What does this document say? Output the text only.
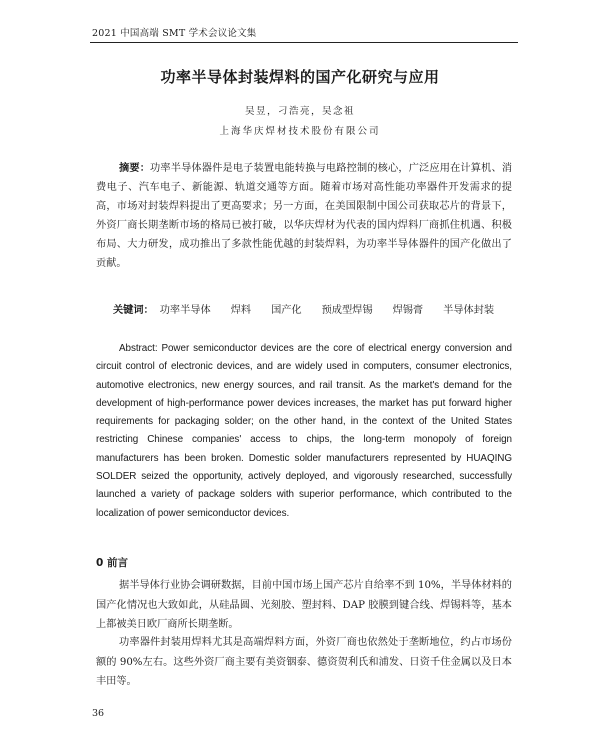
2021 中国高端 SMT 学术会议论文集
功率半导体封装焊料的国产化研究与应用
吴昱，刁浩亮，吴念祖
上海华庆焊材技术股份有限公司
摘要：功率半导体器件是电子装置电能转换与电路控制的核心，广泛应用在计算机、消费电子、汽车电子、新能源、轨道交通等方面。随着市场对高性能功率器件开发需求的提高，市场对封装焊料提出了更高要求；另一方面，在美国限制中国公司获取芯片的背景下，外资厂商长期垄断市场的格局已被打破，以华庆焊材为代表的国内焊料厂商抓住机遇、积极布局、大力研发，成功推出了多款性能优越的封装焊料，为功率半导体器件的国产化做出了贡献。
关键词： 功率半导体 焊料 国产化 预成型焊锡 焊锡膏 半导体封装
Abstract: Power semiconductor devices are the core of electrical energy conversion and circuit control of electronic devices, and are widely used in computers, consumer electronics, automotive electronics, new energy sources, and rail transit. As the market's demand for the development of high-performance power devices increases, the market has put forward higher requirements for packaging solder; on the other hand, in the context of the United States restricting Chinese companies' access to chips, the long-term monopoly of foreign manufacturers has been broken. Domestic solder manufacturers represented by HUAQING SOLDER seized the opportunity, actively deployed, and vigorously researched, successfully launched a variety of package solders with superior performance, which contributed to the localization of power semiconductor devices.
0 前言
据半导体行业协会调研数据，目前中国市场上国产芯片自给率不到 10%，半导体材料的国产化情况也大致如此，从硅晶圆、光刻胶、塑封料、DAP 胶膜到键合线、焊锡料等，基本上都被美日欧厂商所长期垄断。
功率器件封装用焊料尤其是高端焊料方面，外资厂商也依然处于垄断地位，约占市场份额的 90%左右。这些外资厂商主要有美资铟泰、德资贺利氏和浦发、日资千住金属以及日本丰田等。
36
